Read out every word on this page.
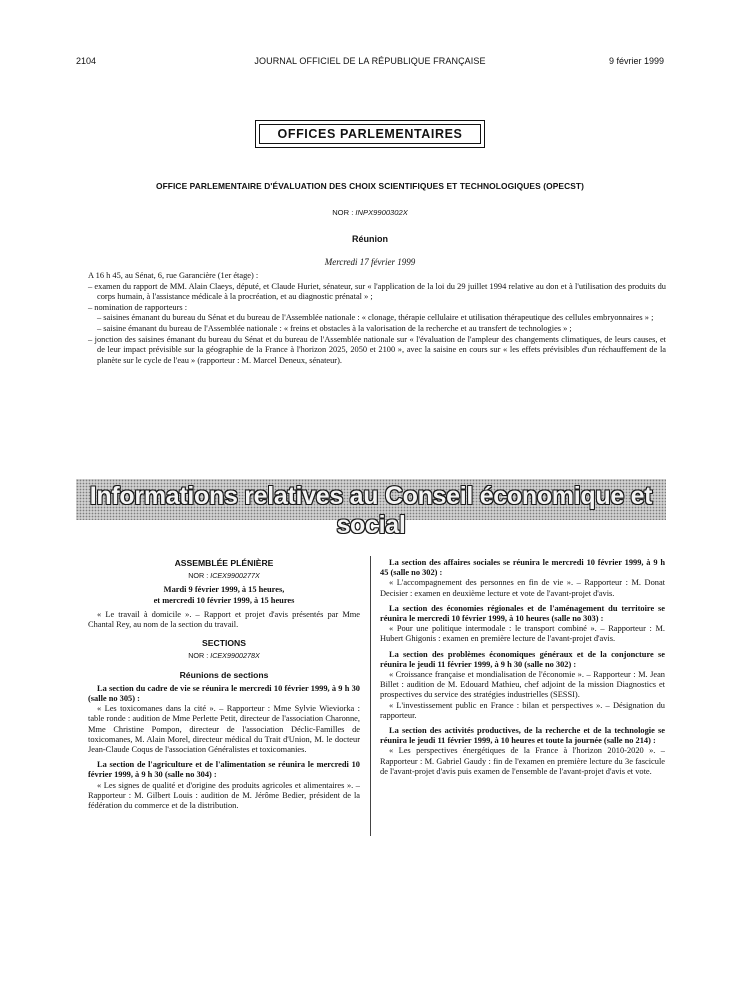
2104	JOURNAL OFFICIEL DE LA RÉPUBLIQUE FRANÇAISE	9 février 1999
OFFICES PARLEMENTAIRES
OFFICE PARLEMENTAIRE D'ÉVALUATION DES CHOIX SCIENTIFIQUES ET TECHNOLOGIQUES (OPECST)
NOR : INPX9900302X
Réunion
Mercredi 17 février 1999

A 16 h 45, au Sénat, 6, rue Garancière (1er étage) :

– examen du rapport de MM. Alain Claeys, député, et Claude Huriet, sénateur, sur « l'application de la loi du 29 juillet 1994 relative au don et à l'utilisation des produits du corps humain, à l'assistance médicale à la procréation, et au diagnostic prénatal » ;

– nomination de rapporteurs :

– saisines émanant du bureau du Sénat et du bureau de l'Assemblée nationale : « clonage, thérapie cellulaire et utilisation thérapeutique des cellules embryonnaires » ;

– saisine émanant du bureau de l'Assemblée nationale : « freins et obstacles à la valorisation de la recherche et au transfert de technologies » ;

– jonction des saisines émanant du bureau du Sénat et du bureau de l'Assemblée nationale sur « l'évaluation de l'ampleur des changements climatiques, de leurs causes, et de leur impact prévisible sur la géographie de la France à l'horizon 2025, 2050 et 2100 », avec la saisine en cours sur « les effets prévisibles d'un réchauffement de la planète sur le cycle de l'eau » (rapporteur : M. Marcel Deneux, sénateur).

Informations relatives au Conseil économique et social

ASSEMBLÉE PLÉNIÈRE

NOR : ICEX9900277X

Mardi 9 février 1999, à 15 heures,

et mercredi 10 février 1999, à 15 heures

« Le travail à domicile ». – Rapport et projet d'avis présentés par Mme Chantal Rey, au nom de la section du travail.

SECTIONS

NOR : ICEX9900278X

Réunions de sections

La section du cadre de vie se réunira le mercredi 10 février 1999, à 9 h 30 (salle no 305) :

« Les toxicomanes dans la cité ». – Rapporteur : Mme Sylvie Wieviorka : table ronde : audition de Mme Perlette Petit, directeur de l'association Charonne, Mme Christine Pompon, directeur de l'association Déclic-Familles de toxicomanes, M. Alain Morel, directeur médical du Trait d'Union, M. le docteur Jean-Claude Coqus de l'association Généralistes et toxicomanies.

La section de l'agriculture et de l'alimentation se réunira le mercredi 10 février 1999, à 9 h 30 (salle no 304) :

« Les signes de qualité et d'origine des produits agricoles et alimentaires ». – Rapporteur : M. Gilbert Louis : audition de M. Jérôme Bedier, président de la fédération du commerce et de la distribution.

La section des affaires sociales se réunira le mercredi 10 février 1999, à 9 h 45 (salle no 302) :

« L'accompagnement des personnes en fin de vie ». – Rapporteur : M. Donat Decisier : examen en deuxième lecture et vote de l'avant-projet d'avis.

La section des économies régionales et de l'aménagement du territoire se réunira le mercredi 10 février 1999, à 10 heures (salle no 303) :

« Pour une politique intermodale : le transport combiné ». – Rapporteur : M. Hubert Ghigonis : examen en première lecture de l'avant-projet d'avis.

La section des problèmes économiques généraux et de la conjoncture se réunira le jeudi 11 février 1999, à 9 h 30 (salle no 302) :

« Croissance française et mondialisation de l'économie ». – Rapporteur : M. Jean Billet : audition de M. Edouard Mathieu, chef adjoint de la mission Diagnostics et prospectives du service des stratégies industrielles (SESSI).

« L'investissement public en France : bilan et perspectives ». – Désignation du rapporteur.

La section des activités productives, de la recherche et de la technologie se réunira le jeudi 11 février 1999, à 10 heures et toute la journée (salle no 214) :

« Les perspectives énergétiques de la France à l'horizon 2010-2020 ». – Rapporteur : M. Gabriel Gaudy : fin de l'examen en première lecture du 3e fascicule de l'avant-projet d'avis puis examen de l'ensemble de l'avant-projet d'avis et vote.
